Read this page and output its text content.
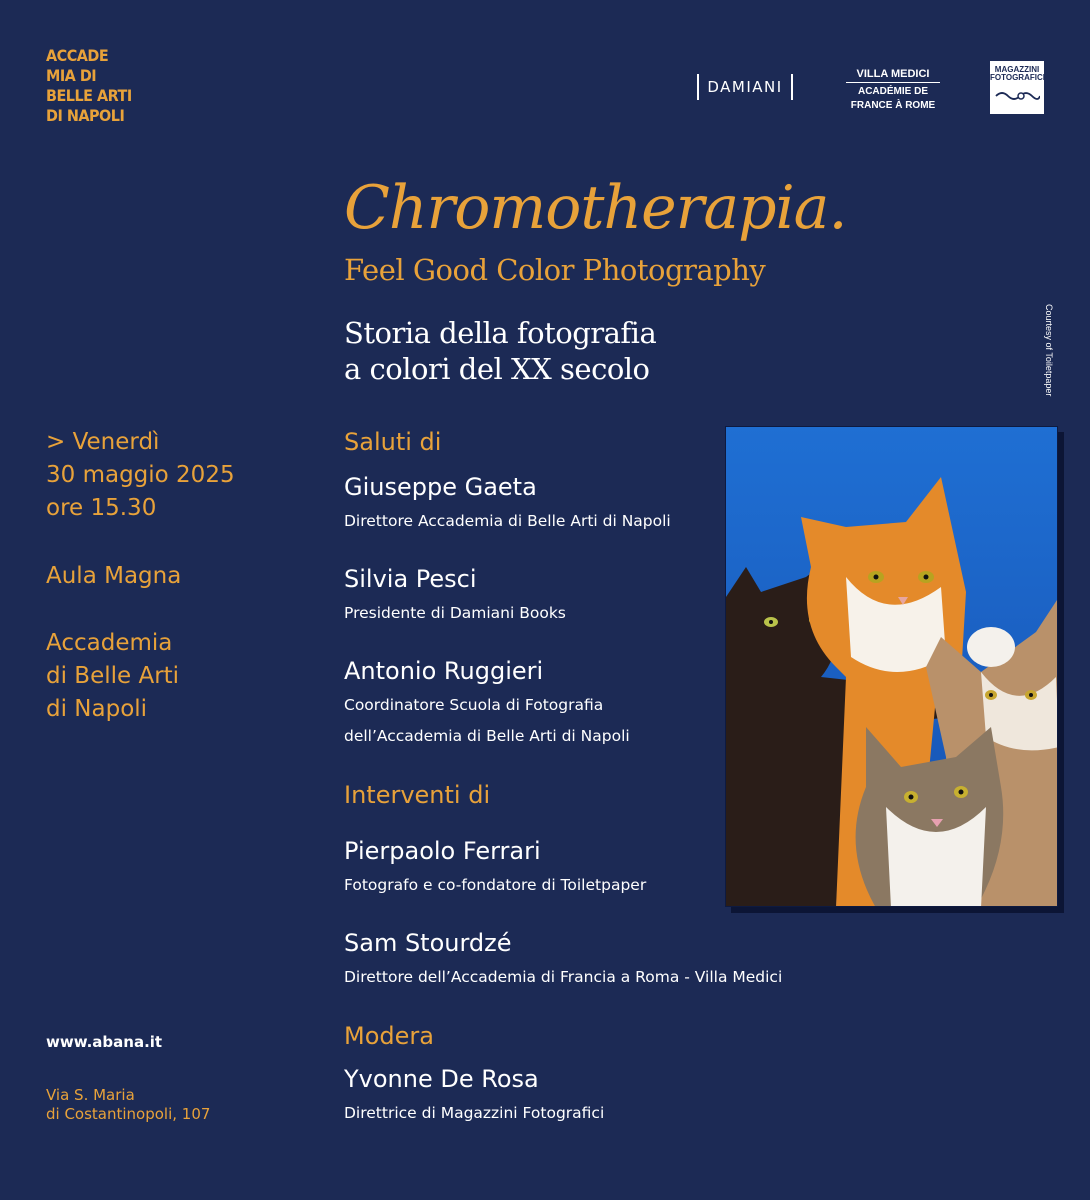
ACCADE
MIA DI
BELLE ARTI
DI NAPOLI
DAMIANI
VILLA MEDICI
ACADÉMIE DE
FRANCE À ROME
MAGAZZINI
FOTOGRAFICI
Chromotherapia.
Feel Good Color Photography
Storia della fotografia
a colori del XX secolo	Courtesy of Toiletpaper
> Venerdì
30 maggio 2025
ore 15.30
Aula Magna
Accademia
di Belle Arti
di Napoli
www.abana.it
Via S. Maria
di Costantinopoli, 107
Saluti di
Giuseppe Gaeta
Direttore Accademia di Belle Arti di Napoli
Silvia Pesci
Presidente di Damiani Books
Antonio Ruggieri
Coordinatore Scuola di Fotografia
dell’Accademia di Belle Arti di Napoli
Interventi di
Pierpaolo Ferrari
Fotografo e co-fondatore di Toiletpaper
Sam Stourdzé
Direttore dell’Accademia di Francia a Roma - Villa Medici
Modera
Yvonne De Rosa
Direttrice di Magazzini Fotografici
